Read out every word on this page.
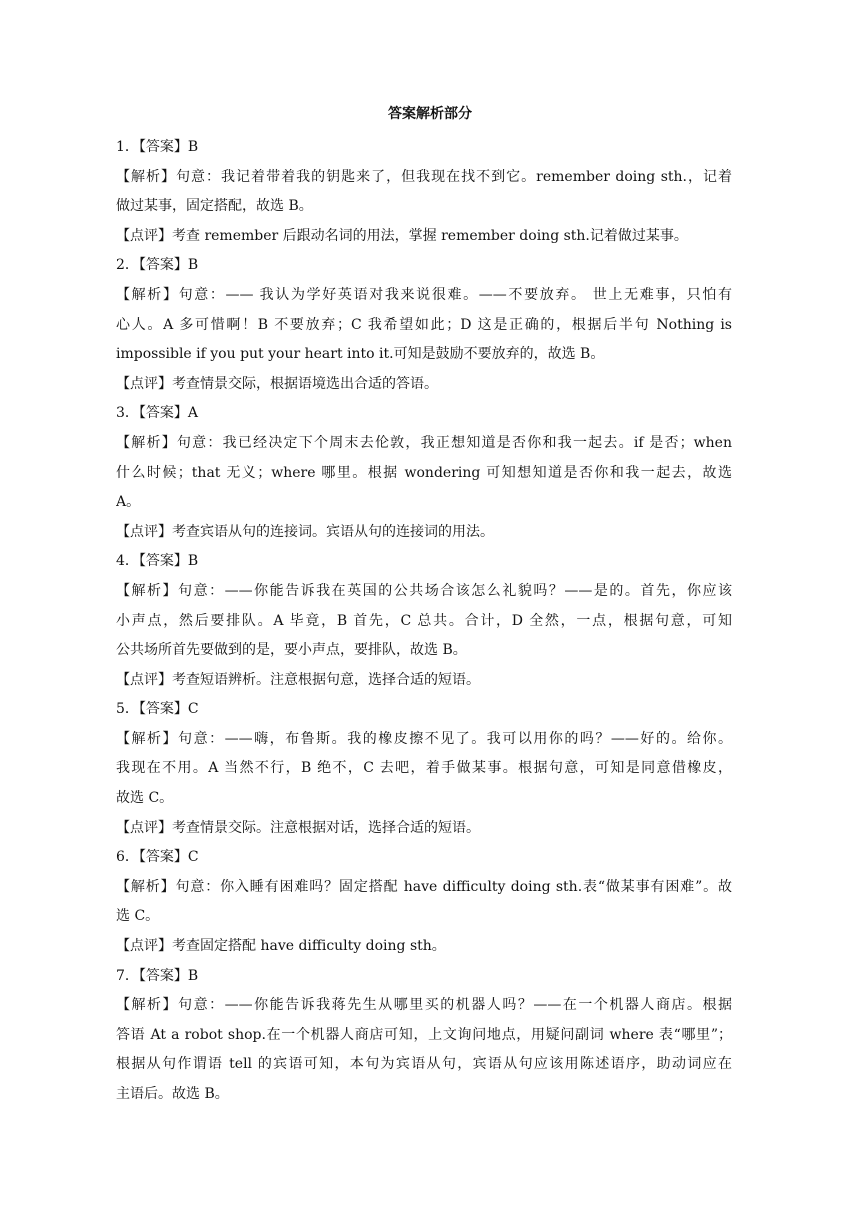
答案解析部分
1．【答案】B
【解析】句意：我记着带着我的钥匙来了，但我现在找不到它。remember doing sth.，记着
做过某事，固定搭配，故选 B。
【点评】考查 remember 后跟动名词的用法，掌握 remember doing sth.记着做过某事。
2．【答案】B
【解析】句意：—— 我认为学好英语对我来说很难。——不要放弃。 世上无难事，只怕有
心人。A 多可惜啊！B 不要放弃；C 我希望如此；D 这是正确的，根据后半句 Nothing is
impossible if you put your heart into it.可知是鼓励不要放弃的，故选 B。
【点评】考查情景交际，根据语境选出合适的答语。
3．【答案】A
【解析】句意：我已经决定下个周末去伦敦，我正想知道是否你和我一起去。if 是否；when
什么时候；that 无义；where 哪里。根据 wondering 可知想知道是否你和我一起去，故选
A。
【点评】考查宾语从句的连接词。宾语从句的连接词的用法。
4．【答案】B
【解析】句意：——你能告诉我在英国的公共场合该怎么礼貌吗？——是的。首先，你应该
小声点，然后要排队。A 毕竟，B 首先，C 总共。合计，D 全然，一点，根据句意，可知
公共场所首先要做到的是，要小声点，要排队，故选 B。
【点评】考查短语辨析。注意根据句意，选择合适的短语。
5．【答案】C
【解析】句意：——嗨，布鲁斯。我的橡皮擦不见了。我可以用你的吗？——好的。给你。
我现在不用。A 当然不行，B 绝不，C 去吧，着手做某事。根据句意，可知是同意借橡皮，
故选 C。
【点评】考查情景交际。注意根据对话，选择合适的短语。
6．【答案】C
【解析】句意：你入睡有困难吗？固定搭配 have difficulty doing sth.表“做某事有困难”。故
选 C。
【点评】考查固定搭配 have difficulty doing sth。
7．【答案】B
【解析】句意：——你能告诉我蒋先生从哪里买的机器人吗？——在一个机器人商店。根据
答语 At a robot shop.在一个机器人商店可知，上文询问地点，用疑问副词 where 表“哪里”；
根据从句作谓语 tell 的宾语可知，本句为宾语从句，宾语从句应该用陈述语序，助动词应在
主语后。故选 B。
